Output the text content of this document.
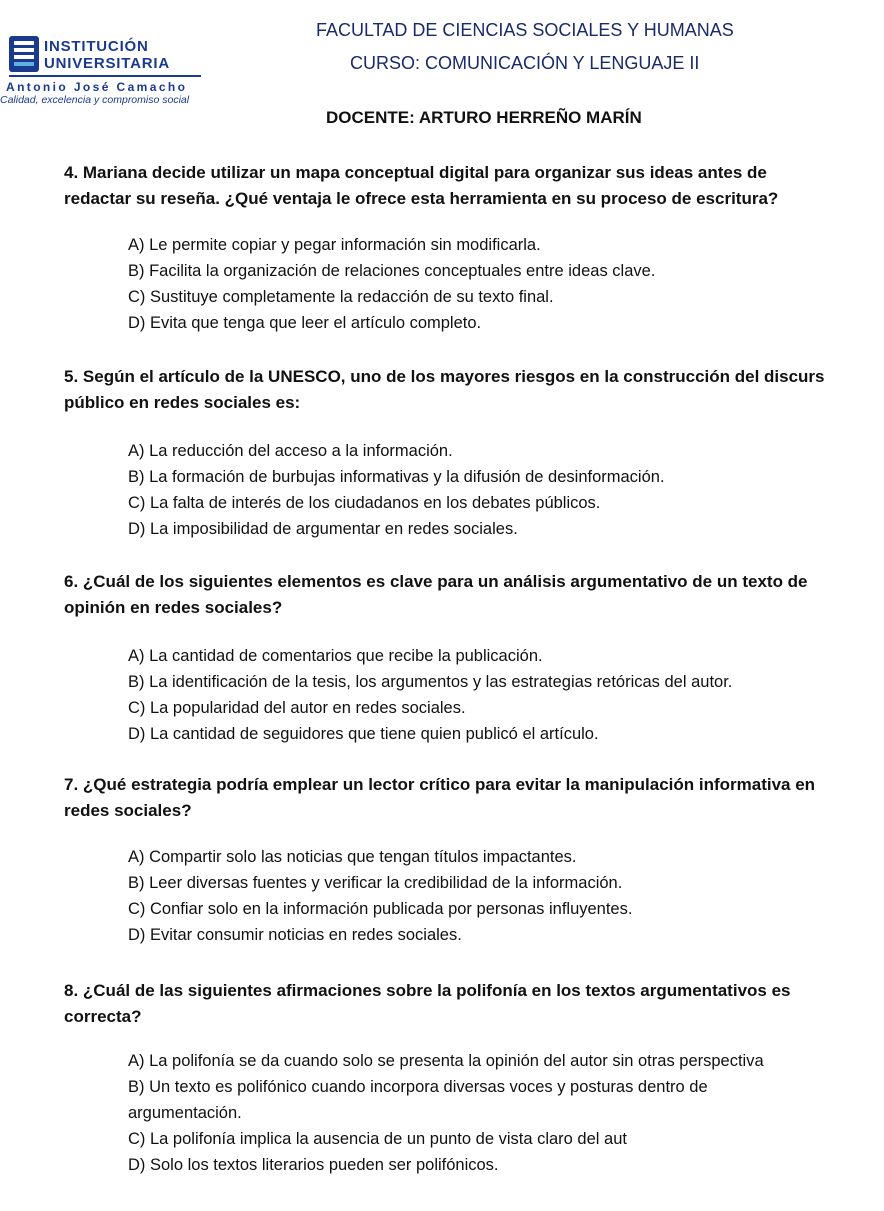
INSTITUCIÓN
UNIVERSITARIA
Antonio José Camacho
Calidad, excelencia y compromiso social
FACULTAD DE CIENCIAS SOCIALES Y HUMANAS
CURSO: COMUNICACIÓN Y LENGUAJE II
DOCENTE: ARTURO HERREÑO MARÍN
4. Mariana decide utilizar un mapa conceptual digital para organizar sus ideas antes de
redactar su reseña. ¿Qué ventaja le ofrece esta herramienta en su proceso de escritura?
A) Le permite copiar y pegar información sin modificarla.
B) Facilita la organización de relaciones conceptuales entre ideas clave.
C) Sustituye completamente la redacción de su texto final.
D) Evita que tenga que leer el artículo completo.
5. Según el artículo de la UNESCO, uno de los mayores riesgos en la construcción del discurs
público en redes sociales es:
A) La reducción del acceso a la información.
B) La formación de burbujas informativas y la difusión de desinformación.
C) La falta de interés de los ciudadanos en los debates públicos.
D) La imposibilidad de argumentar en redes sociales.
6. ¿Cuál de los siguientes elementos es clave para un análisis argumentativo de un texto de
opinión en redes sociales?
A) La cantidad de comentarios que recibe la publicación.
B) La identificación de la tesis, los argumentos y las estrategias retóricas del autor.
C) La popularidad del autor en redes sociales.
D) La cantidad de seguidores que tiene quien publicó el artículo.
7. ¿Qué estrategia podría emplear un lector crítico para evitar la manipulación informativa en
redes sociales?
A) Compartir solo las noticias que tengan títulos impactantes.
B) Leer diversas fuentes y verificar la credibilidad de la información.
C) Confiar solo en la información publicada por personas influyentes.
D) Evitar consumir noticias en redes sociales.
8. ¿Cuál de las siguientes afirmaciones sobre la polifonía en los textos argumentativos es
correcta?
A) La polifonía se da cuando solo se presenta la opinión del autor sin otras perspectiva
B) Un texto es polifónico cuando incorpora diversas voces y posturas dentro de
argumentación.
C) La polifonía implica la ausencia de un punto de vista claro del aut
D) Solo los textos literarios pueden ser polifónicos.
